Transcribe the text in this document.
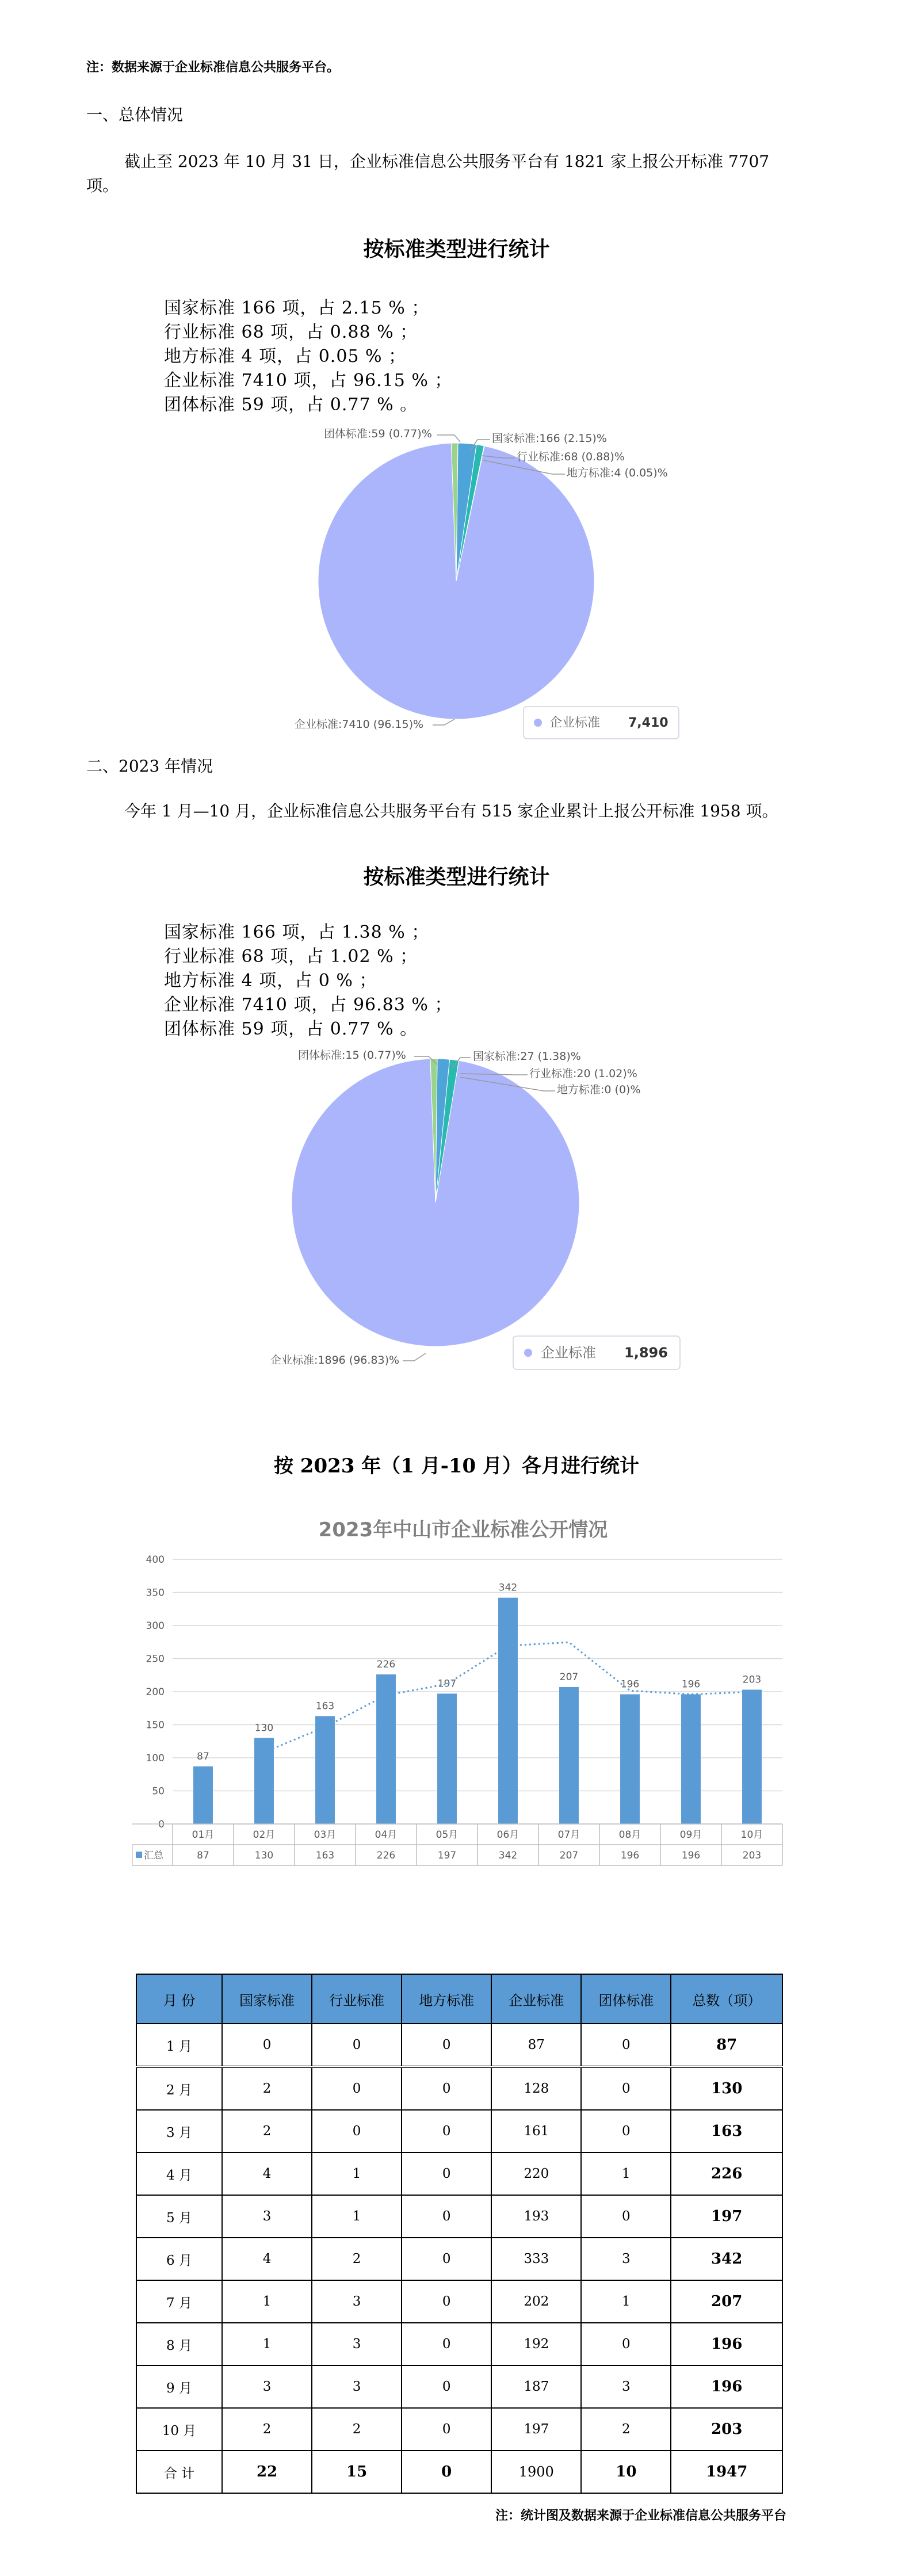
注：数据来源于企业标准信息公共服务平台。
一、总体情况
截止至 2023 年 10 月 31 日，企业标准信息公共服务平台有 1821 家上报公开标准 7707
项。
按标准类型进行统计
国家标准 166 项，占 2.15 % ；
行业标准 68 项，占 0.88 % ；
地方标准 4 项，占 0.05 % ；
企业标准 7410 项，占 96.15 % ；
团体标准 59 项，占 0.77 % 。
团体标准:59 (0.77)%	国家标准:166 (2.15)%
行业标准:68 (0.88)%
地方标准:4 (0.05)%
企业标准:7410 (96.15)%	企业标准 7,410
二、2023 年情况
今年 1 月—10 月，企业标准信息公共服务平台有 515 家企业累计上报公开标准 1958 项。
按标准类型进行统计
国家标准 166 项，占 1.38 % ；
行业标准 68 项，占 1.02 % ；
地方标准 4 项，占 0 % ；
企业标准 7410 项，占 96.83 % ；
团体标准 59 项，占 0.77 % 。
团体标准:15 (0.77)%	国家标准:27 (1.38)%
行业标准:20 (1.02)%
地方标准:0 (0)%
企业标准:1896 (96.83)%	企业标准 1,896
按 2023 年（1 月-10 月）各月进行统计
2023年中山市企业标准公开情况
0
50
100
150
200
250
300
350
400
87
130
163
226
197
342
207
196	196	203
汇总
01月
87
02月
130
03月
163
04月
226
05月
197
06月
342
07月
207
08月
196
09月
196
10月
203
月 份	国家标准	行业标准	地方标准	企业标准	团体标准	总数（项）
1 月	0	0	0	87	0	87
2 月	2	0	0	128	0	130
3 月	2	0	0	161	0	163
4 月	4	1	0	220	1	226
5 月	3	1	0	193	0	197
6 月	4	2	0	333	3	342
7 月	1	3	0	202	1	207
8 月	1	3	0	192	0	196
9 月	3	3	0	187	3	196
10 月	2	2	0	197	2	203
合 计	22	15	0	1900	10	1947
注：统计图及数据来源于企业标准信息公共服务平台
